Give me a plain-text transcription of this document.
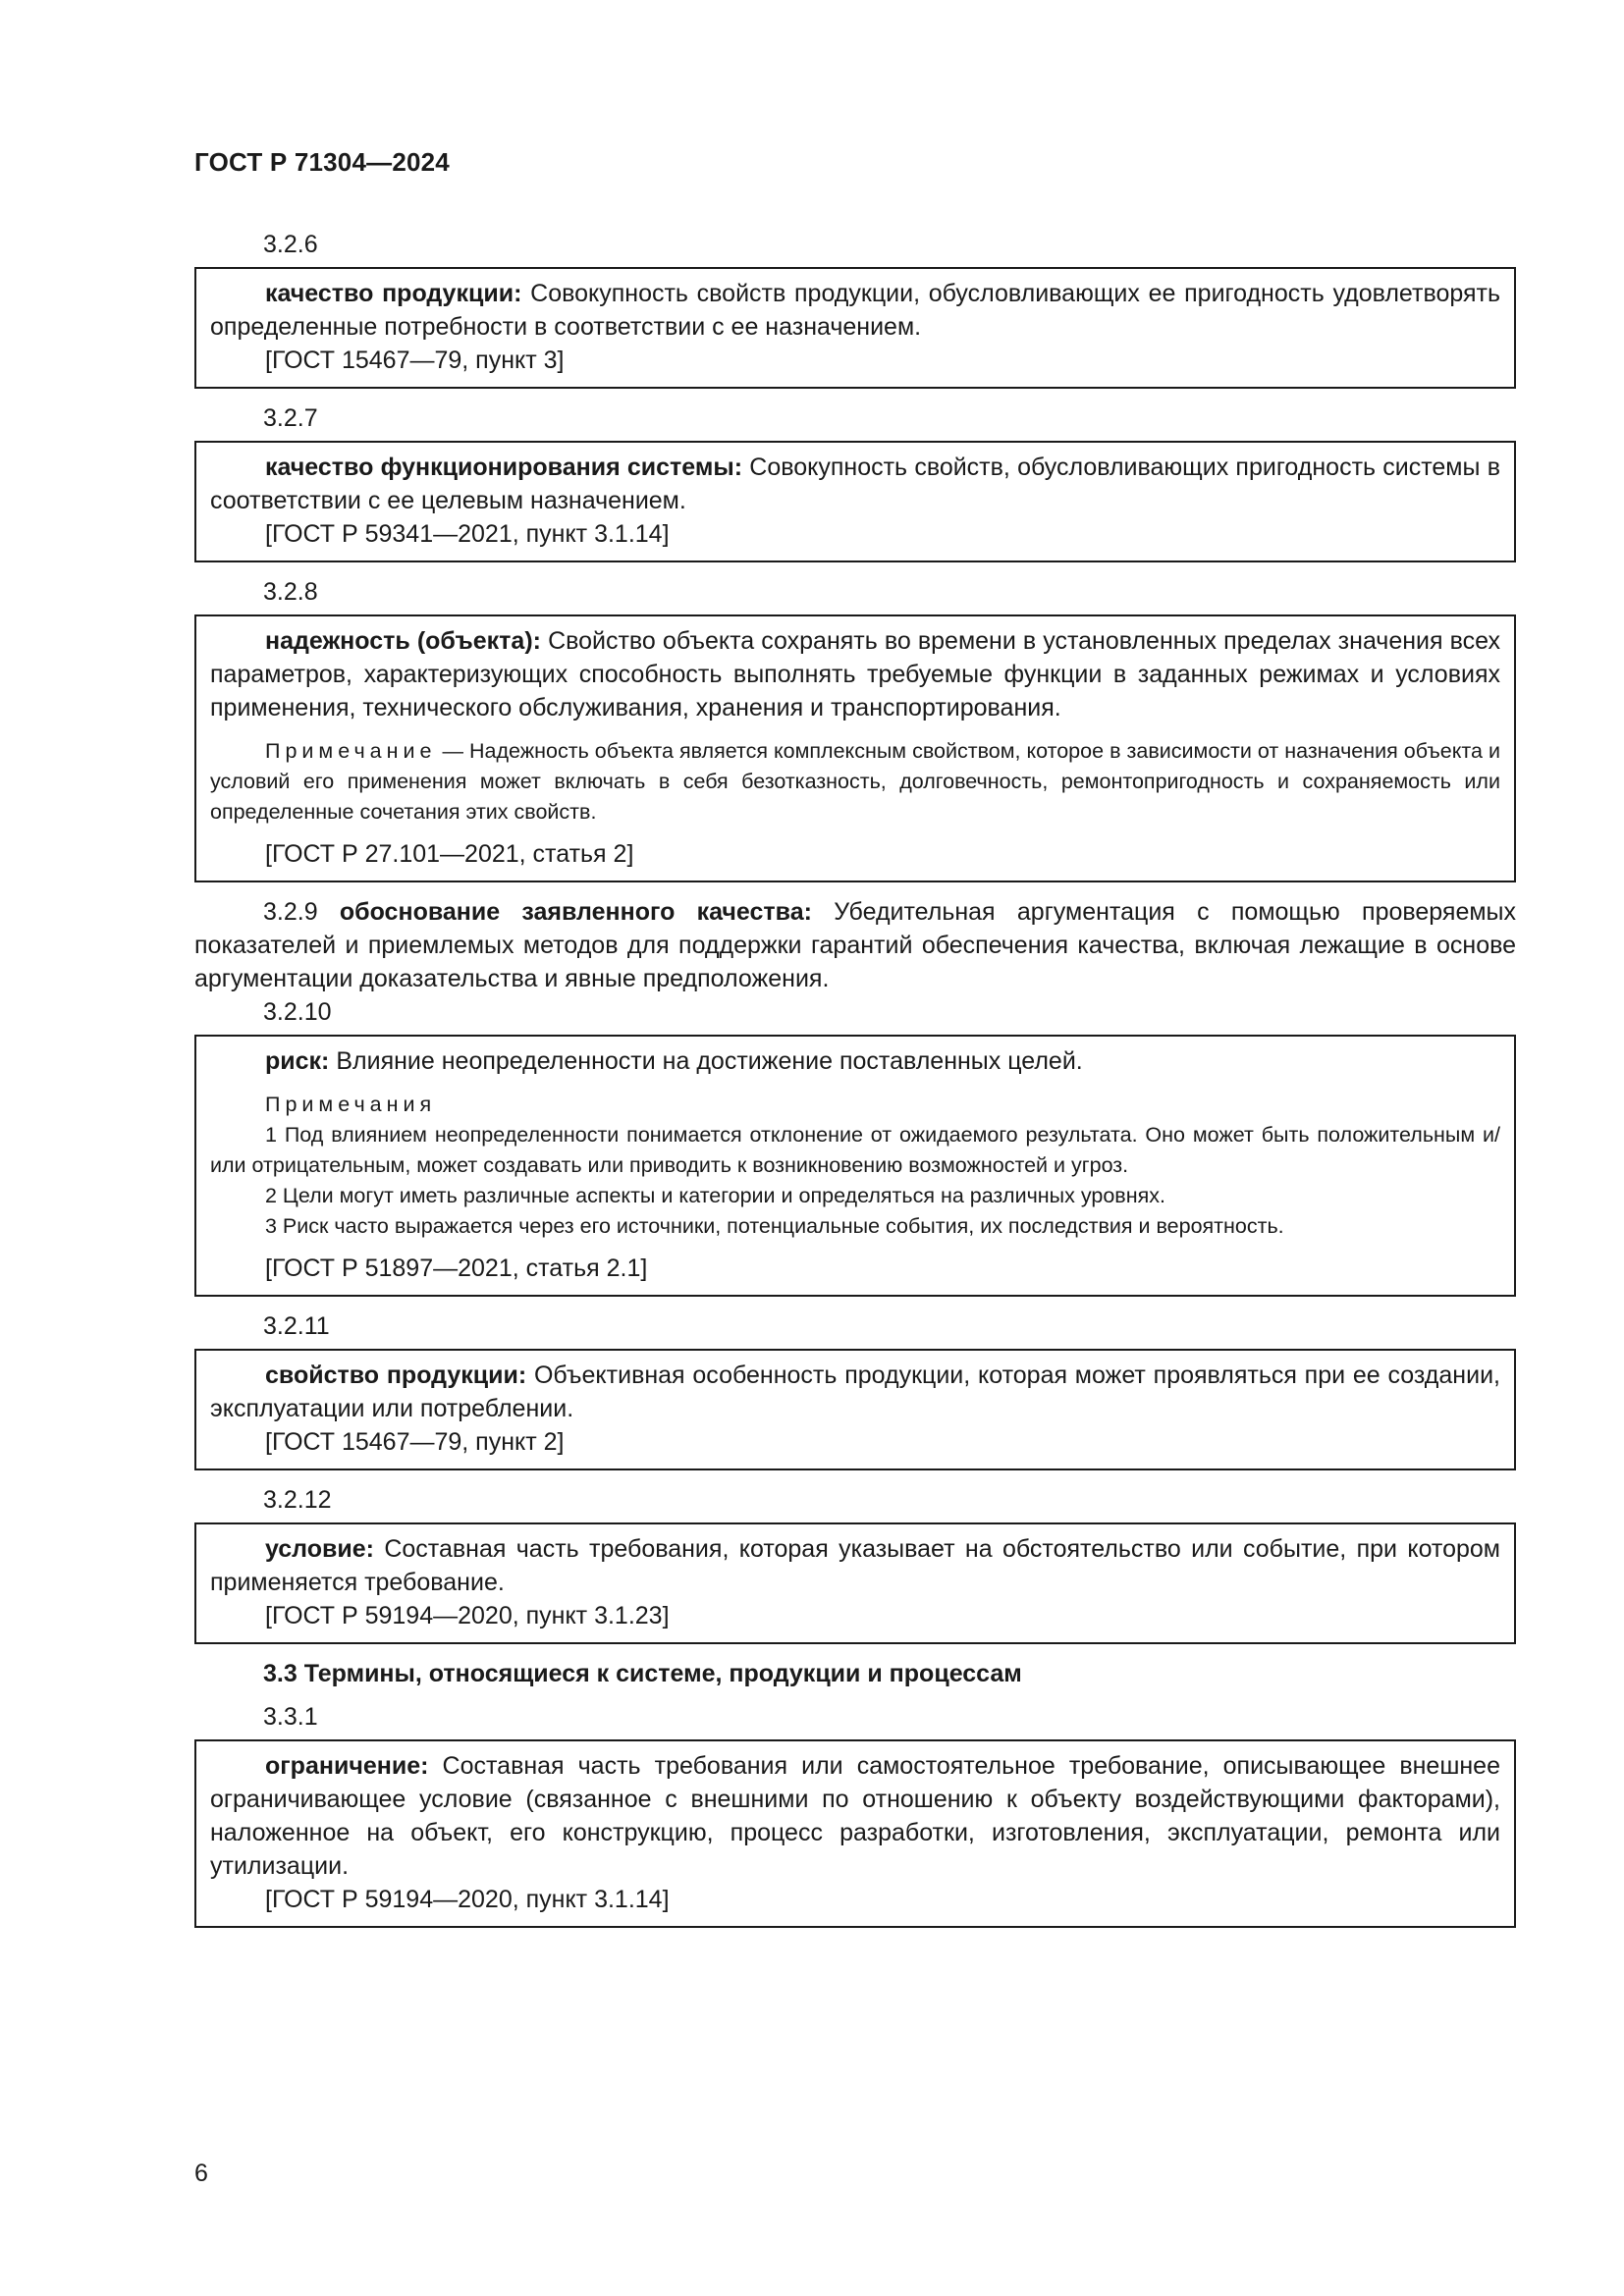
ГОСТ Р 71304—2024
3.2.6

качество продукции: Совокупность свойств продукции, обусловливающих ее пригодность удовлетворять определенные потребности в соответствии с ее назначением.

[ГОСТ 15467—79, пункт 3]

3.2.7

качество функционирования системы: Совокупность свойств, обусловливающих пригодность системы в соответствии с ее целевым назначением.

[ГОСТ Р 59341—2021, пункт 3.1.14]

3.2.8

надежность (объекта): Свойство объекта сохранять во времени в установленных пределах значения всех параметров, характеризующих способность выполнять требуемые функции в заданных режимах и условиях применения, технического обслуживания, хранения и транспортирования.

Примечание — Надежность объекта является комплексным свойством, которое в зависимости от назначения объекта и условий его применения может включать в себя безотказность, долговечность, ремонтопригодность и сохраняемость или определенные сочетания этих свойств.

[ГОСТ Р 27.101—2021, статья 2]

3.2.9 обоснование заявленного качества: Убедительная аргументация с помощью проверяемых показателей и приемлемых методов для поддержки гарантий обеспечения качества, включая лежащие в основе аргументации доказательства и явные предположения.

3.2.10

риск: Влияние неопределенности на достижение поставленных целей.

Примечания

1 Под влиянием неопределенности понимается отклонение от ожидаемого результата. Оно может быть положительным и/или отрицательным, может создавать или приводить к возникновению возможностей и угроз.

2 Цели могут иметь различные аспекты и категории и определяться на различных уровнях.

3 Риск часто выражается через его источники, потенциальные события, их последствия и вероятность.

[ГОСТ Р 51897—2021, статья 2.1]

3.2.11

свойство продукции: Объективная особенность продукции, которая может проявляться при ее создании, эксплуатации или потреблении.

[ГОСТ 15467—79, пункт 2]

3.2.12

условие: Составная часть требования, которая указывает на обстоятельство или событие, при котором применяется требование.

[ГОСТ Р 59194—2020, пункт 3.1.23]

3.3 Термины, относящиеся к системе, продукции и процессам
3.3.1

ограничение: Составная часть требования или самостоятельное требование, описывающее внешнее ограничивающее условие (связанное с внешними по отношению к объекту воздействующими факторами), наложенное на объект, его конструкцию, процесс разработки, изготовления, эксплуатации, ремонта или утилизации.

[ГОСТ Р 59194—2020, пункт 3.1.14]

6
